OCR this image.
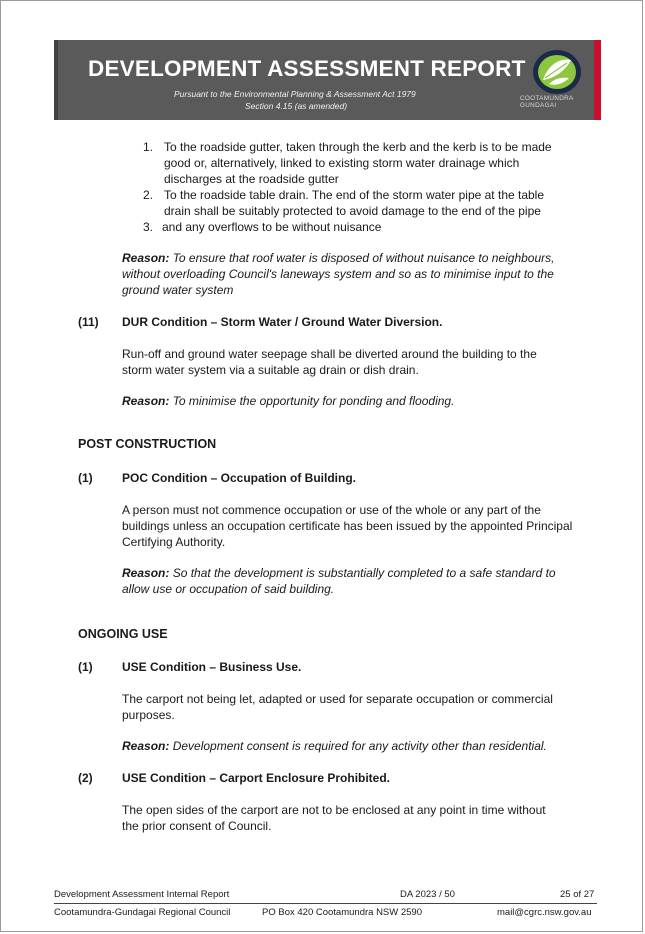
DEVELOPMENT ASSESSMENT REPORT
Pursuant to the Environmental Planning & Assessment Act 1979
Section 4.15 (as amended)
COOTAMUNDRA
GUNDAGAI
1. To the roadside gutter, taken through the kerb and the kerb is to be made
good or, alternatively, linked to existing storm water drainage which
discharges at the roadside gutter
2. To the roadside table drain. The end of the storm water pipe at the table
drain shall be suitably protected to avoid damage to the end of the pipe
3. and any overflows to be without nuisance
Reason: To ensure that roof water is disposed of without nuisance to neighbours,
without overloading Council's laneways system and so as to minimise input to the
ground water system
(11) DUR Condition – Storm Water / Ground Water Diversion.
Run-off and ground water seepage shall be diverted around the building to the
storm water system via a suitable ag drain or dish drain.
Reason: To minimise the opportunity for ponding and flooding.
POST CONSTRUCTION
(1) POC Condition – Occupation of Building.
A person must not commence occupation or use of the whole or any part of the
buildings unless an occupation certificate has been issued by the appointed Principal
Certifying Authority.
Reason: So that the development is substantially completed to a safe standard to
allow use or occupation of said building.
ONGOING USE
(1) USE Condition – Business Use.
The carport not being let, adapted or used for separate occupation or commercial
purposes.
Reason: Development consent is required for any activity other than residential.
(2) USE Condition – Carport Enclosure Prohibited.
The open sides of the carport are not to be enclosed at any point in time without
the prior consent of Council.
Development Assessment Internal Report	DA 2023 / 50	25 of 27
Cootamundra-Gundagai Regional Council	PO Box 420 Cootamundra NSW 2590	mail@cgrc.nsw.gov.au
